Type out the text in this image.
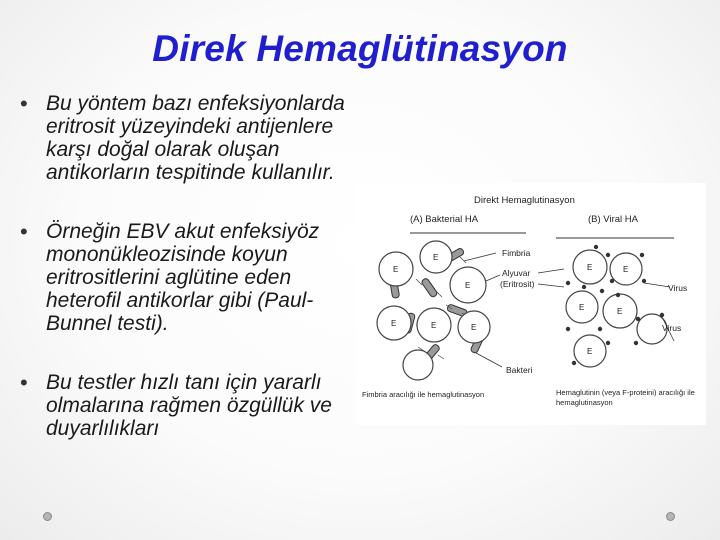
Direk Hemaglütinasyon
• Bu yöntem bazı enfeksiyonlarda eritrosit yüzeyindeki antijenlere karşı doğal olarak oluşan antikorların tespitinde kullanılır.
• Örneğin EBV akut enfeksiyöz mononükleozisinde koyun eritrositlerini aglütine eden heterofil antikorlar gibi (Paul-Bunnel testi).
• Bu testler hızlı tanı için yararlı olmalarına rağmen özgüllük ve duyarlılıkları
Direkt Hemaglutinasyon
(A) Bakterial HA	(B) Viral HA
E
E
E
E	E	E
Fimbria
Alyuvar
(Eritrosit)
Bakteri
E	E
E	E
E
Virus
Virus
Fimbria aracılığı ile hemaglutinasyon	Hemaglutinin (veya F-proteini) aracılığı ile
hemaglutinasyon
